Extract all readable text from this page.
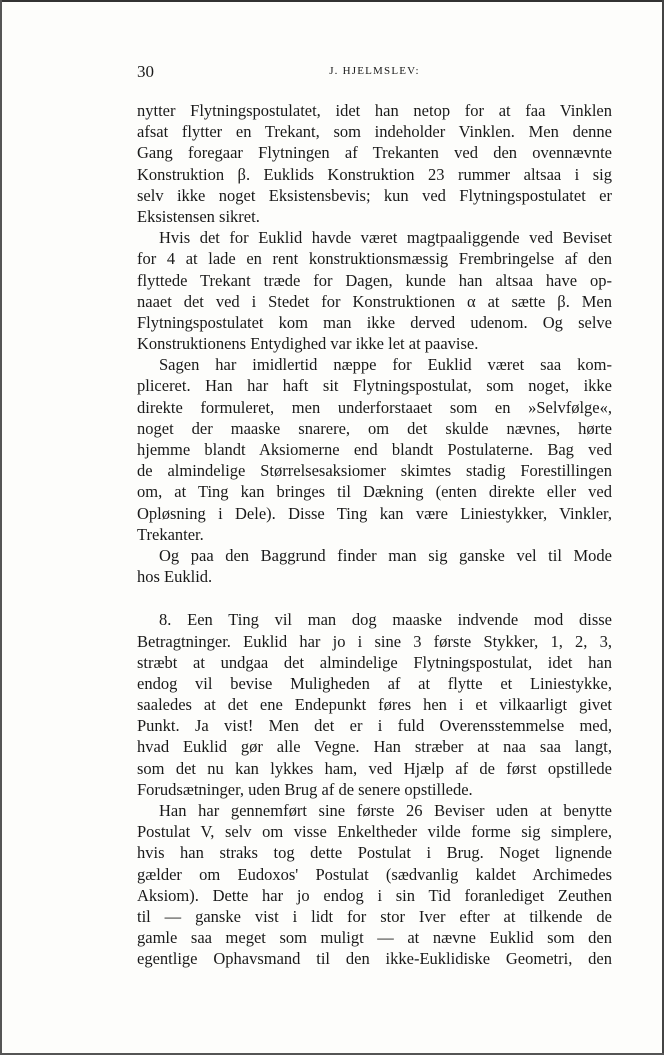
30	J. HJELMSLEV:
nytter Flytningspostulatet, idet han netop for at faa Vinklen
afsat flytter en Trekant, som indeholder Vinklen. Men denne
Gang foregaar Flytningen af Trekanten ved den ovennævnte
Konstruktion β. Euklids Konstruktion 23 rummer altsaa i sig
selv ikke noget Eksistensbevis; kun ved Flytningspostulatet er
Eksistensen sikret.
Hvis det for Euklid havde været magtpaaliggende ved Beviset
for 4 at lade en rent konstruktionsmæssig Frembringelse af den
flyttede Trekant træde for Dagen, kunde han altsaa have op-
naaet det ved i Stedet for Konstruktionen α at sætte β. Men
Flytningspostulatet kom man ikke derved udenom. Og selve
Konstruktionens Entydighed var ikke let at paavise.
Sagen har imidlertid næppe for Euklid været saa kom-
pliceret. Han har haft sit Flytningspostulat, som noget, ikke
direkte formuleret, men underforstaaet som en »Selvfølge«,
noget der maaske snarere, om det skulde nævnes, hørte
hjemme blandt Aksiomerne end blandt Postulaterne. Bag ved
de almindelige Størrelsesaksiomer skimtes stadig Forestillingen
om, at Ting kan bringes til Dækning (enten direkte eller ved
Opløsning i Dele). Disse Ting kan være Liniestykker, Vinkler,
Trekanter.
Og paa den Baggrund finder man sig ganske vel til Mode
hos Euklid.
8. Een Ting vil man dog maaske indvende mod disse
Betragtninger. Euklid har jo i sine 3 første Stykker, 1, 2, 3,
stræbt at undgaa det almindelige Flytningspostulat, idet han
endog vil bevise Muligheden af at flytte et Liniestykke,
saaledes at det ene Endepunkt føres hen i et vilkaarligt givet
Punkt. Ja vist! Men det er i fuld Overensstemmelse med,
hvad Euklid gør alle Vegne. Han stræber at naa saa langt,
som det nu kan lykkes ham, ved Hjælp af de først opstillede
Forudsætninger, uden Brug af de senere opstillede.
Han har gennemført sine første 26 Beviser uden at benytte
Postulat V, selv om visse Enkeltheder vilde forme sig simplere,
hvis han straks tog dette Postulat i Brug. Noget lignende
gælder om Eudoxos' Postulat (sædvanlig kaldet Archimedes
Aksiom). Dette har jo endog i sin Tid foranlediget Zeuthen
til — ganske vist i lidt for stor Iver efter at tilkende de
gamle saa meget som muligt — at nævne Euklid som den
egentlige Ophavsmand til den ikke-Euklidiske Geometri, den
